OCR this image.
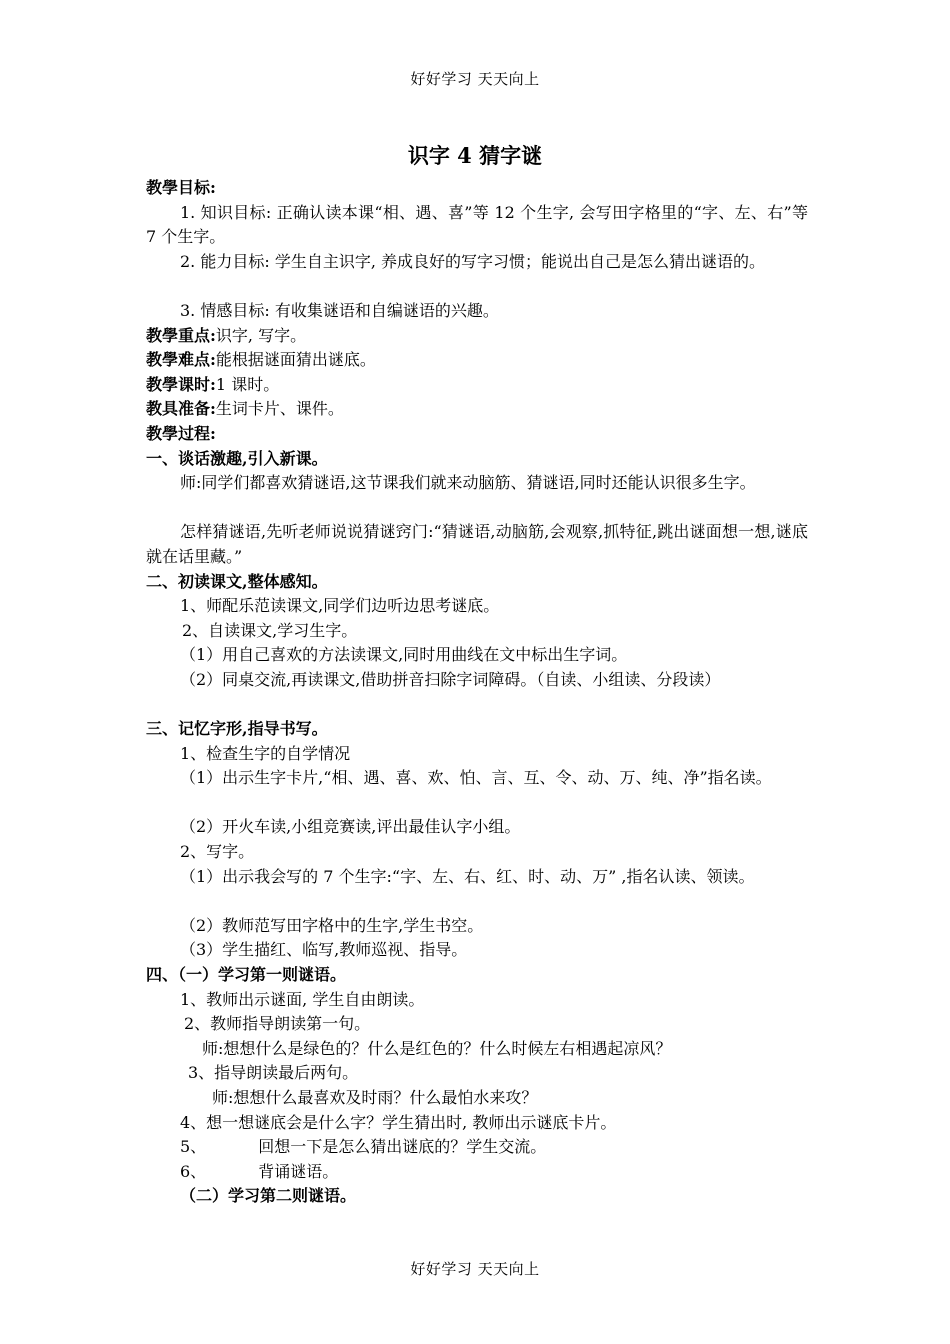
好好学习 天天向上
识字 4 猜字谜
教學目标:
1. 知识目标: 正确认读本课“相、遇、喜”等 12 个生字, 会写田字格里的“字、左、右”等 7 个生字。
2. 能力目标: 学生自主识字, 养成良好的写字习惯；能说出自己是怎么猜出谜语的。
3. 情感目标: 有收集谜语和自编谜语的兴趣。
教學重点:识字, 写字。
教學难点:能根据谜面猜出谜底。
教學课时:1 课时。
教具准备:生词卡片、课件。
教學过程:
一、谈话激趣,引入新课。
师:同学们都喜欢猜谜语,这节课我们就来动脑筋、猜谜语,同时还能认识很多生字。
怎样猜谜语,先听老师说说猜谜窍门:“猜谜语,动脑筋,会观察,抓特征,跳出谜面想一想,谜底就在话里藏。”
二、初读课文,整体感知。
1、师配乐范读课文,同学们边听边思考谜底。
2、自读课文,学习生字。
（1）用自己喜欢的方法读课文,同时用曲线在文中标出生字词。
（2）同桌交流,再读课文,借助拼音扫除字词障碍。（自读、小组读、分段读）
三、记忆字形,指导书写。
1、检查生字的自学情况
（1）出示生字卡片,“相、遇、喜、欢、怕、言、互、令、动、万、纯、净”指名读。
（2）开火车读,小组竞赛读,评出最佳认字小组。
2、写字。
（1）出示我会写的 7 个生字:“字、左、右、红、时、动、万” ,指名认读、领读。
（2）教师范写田字格中的生字,学生书空。
（3）学生描红、临写,教师巡视、指导。
四、（一）学习第一则谜语。
1、教师出示谜面, 学生自由朗读。
2、教师指导朗读第一句。
师:想想什么是绿色的？什么是红色的？什么时候左右相遇起凉风？
3、指导朗读最后两句。
师:想想什么最喜欢及时雨？什么最怕水来攻？
4、想一想谜底会是什么字？学生猜出时, 教师出示谜底卡片。
5、	回想一下是怎么猜出谜底的？学生交流。
6、	背诵谜语。
（二）学习第二则谜语。
好好学习 天天向上
